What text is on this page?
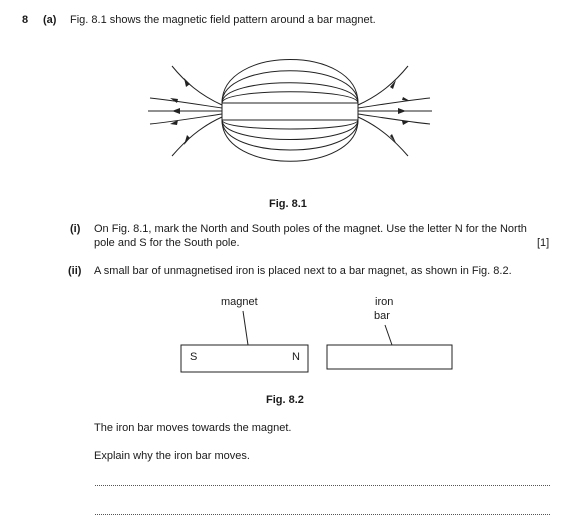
8 (a) Fig. 8.1 shows the magnetic field pattern around a bar magnet.
Fig. 8.1
(i) On Fig. 8.1, mark the North and South poles of the magnet. Use the letter N for the North
pole and S for the South pole.	[1]
(ii) A small bar of unmagnetised iron is placed next to a bar magnet, as shown in Fig. 8.2.
magnet	iron
bar
S	N
Fig. 8.2
The iron bar moves towards the magnet.
Explain why the iron bar moves.
